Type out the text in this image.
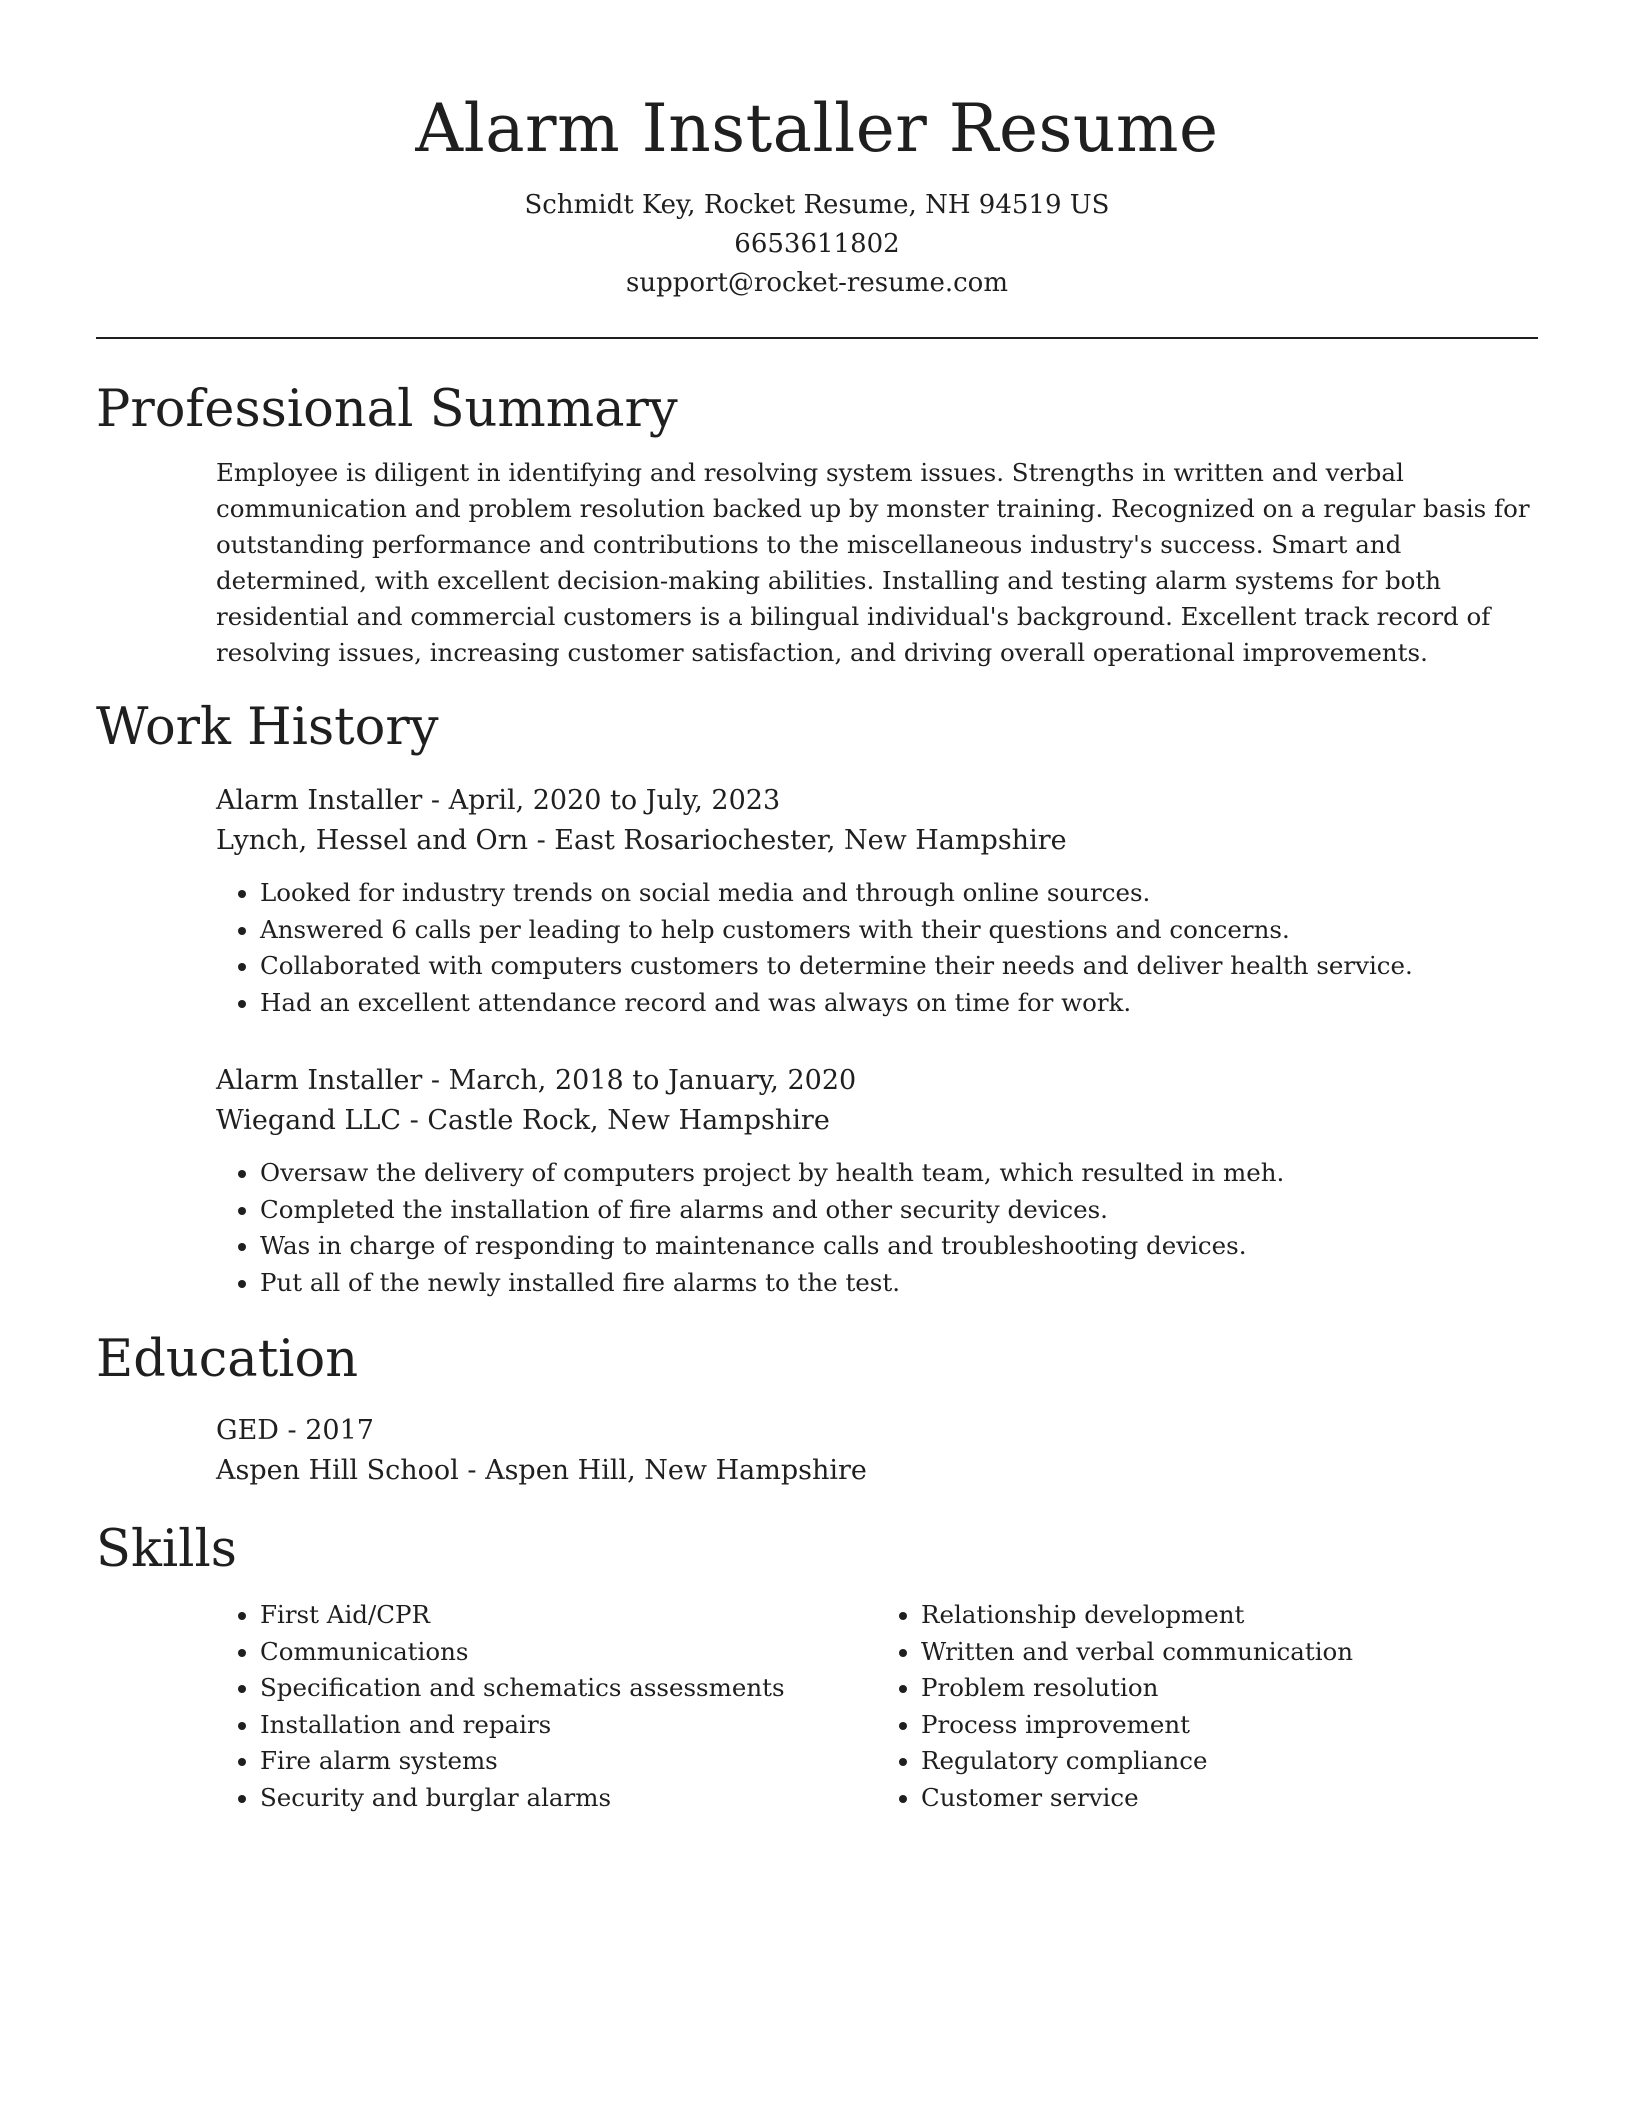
Alarm Installer Resume
Schmidt Key, Rocket Resume, NH 94519 US
6653611802
support@rocket-resume.com
Professional Summary
Employee is diligent in identifying and resolving system issues. Strengths in written and verbal communication and problem resolution backed up by monster training. Recognized on a regular basis for outstanding performance and contributions to the miscellaneous industry's success. Smart and determined, with excellent decision-making abilities. Installing and testing alarm systems for both residential and commercial customers is a bilingual individual's background. Excellent track record of resolving issues, increasing customer satisfaction, and driving overall operational improvements.
Work History
Alarm Installer - April, 2020 to July, 2023
Lynch, Hessel and Orn - East Rosariochester, New Hampshire
• Looked for industry trends on social media and through online sources.
• Answered 6 calls per leading to help customers with their questions and concerns.
• Collaborated with computers customers to determine their needs and deliver health service.
• Had an excellent attendance record and was always on time for work.
Alarm Installer - March, 2018 to January, 2020
Wiegand LLC - Castle Rock, New Hampshire
• Oversaw the delivery of computers project by health team, which resulted in meh.
• Completed the installation of fire alarms and other security devices.
• Was in charge of responding to maintenance calls and troubleshooting devices.
• Put all of the newly installed fire alarms to the test.
Education
GED - 2017
Aspen Hill School - Aspen Hill, New Hampshire
Skills
• First Aid/CPR
• Communications
• Specification and schematics assessments
• Installation and repairs
• Fire alarm systems
• Security and burglar alarms
• Relationship development
• Written and verbal communication
• Problem resolution
• Process improvement
• Regulatory compliance
• Customer service
